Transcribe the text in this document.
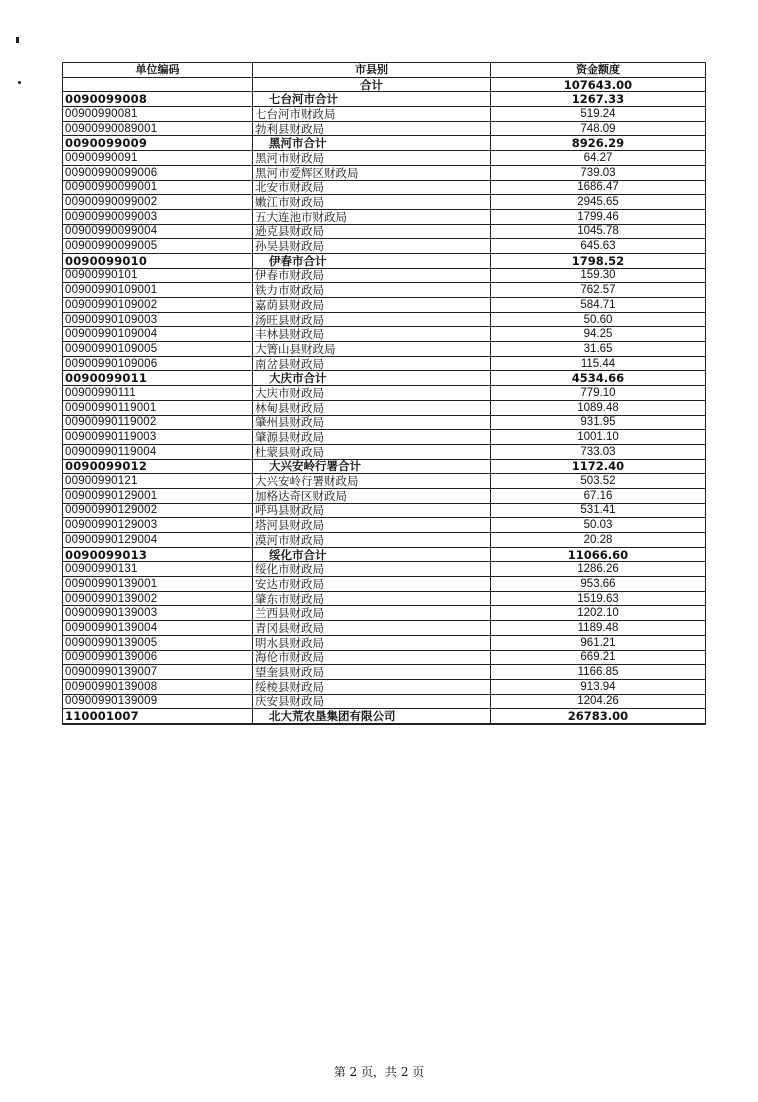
单位编码	市县别	资金额度
	合计	107643.00
0090099008	七台河市合计	1267.33
00900990081	七台河市财政局	519.24
00900990089001	勃利县财政局	748.09
0090099009	黑河市合计	8926.29
00900990091	黑河市财政局	64.27
00900990099006	黑河市爱辉区财政局	739.03
00900990099001	北安市财政局	1686.47
00900990099002	嫩江市财政局	2945.65
00900990099003	五大连池市财政局	1799.46
00900990099004	逊克县财政局	1045.78
00900990099005	孙吴县财政局	645.63
0090099010	伊春市合计	1798.52
00900990101	伊春市财政局	159.30
00900990109001	铁力市财政局	762.57
00900990109002	嘉荫县财政局	584.71
00900990109003	汤旺县财政局	50.60
00900990109004	丰林县财政局	94.25
00900990109005	大箐山县财政局	31.65
00900990109006	南岔县财政局	115.44
0090099011	大庆市合计	4534.66
00900990111	大庆市财政局	779.10
00900990119001	林甸县财政局	1089.48
00900990119002	肇州县财政局	931.95
00900990119003	肇源县财政局	1001.10
00900990119004	杜蒙县财政局	733.03
0090099012	大兴安岭行署合计	1172.40
00900990121	大兴安岭行署财政局	503.52
00900990129001	加格达奇区财政局	67.16
00900990129002	呼玛县财政局	531.41
00900990129003	塔河县财政局	50.03
00900990129004	漠河市财政局	20.28
0090099013	绥化市合计	11066.60
00900990131	绥化市财政局	1286.26
00900990139001	安达市财政局	953.66
00900990139002	肇东市财政局	1519.63
00900990139003	兰西县财政局	1202.10
00900990139004	青冈县财政局	1189.48
00900990139005	明水县财政局	961.21
00900990139006	海伦市财政局	669.21
00900990139007	望奎县财政局	1166.85
00900990139008	绥棱县财政局	913.94
00900990139009	庆安县财政局	1204.26
110001007	北大荒农垦集团有限公司	26783.00
第 2 页，共 2 页
